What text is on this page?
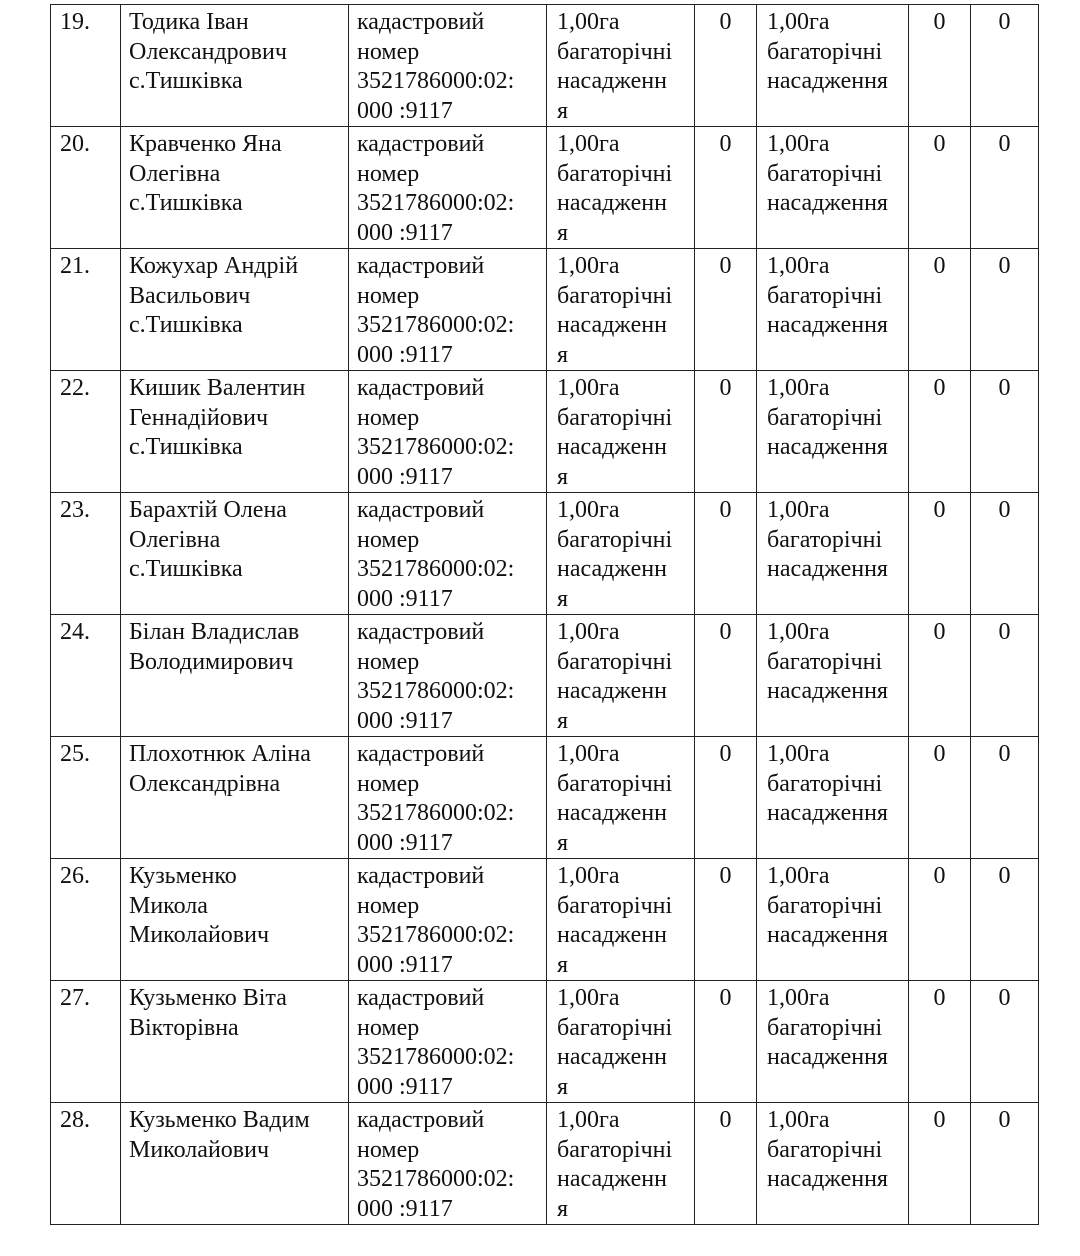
19.	Тодика Іван
Олександрович
с.Тишківка	кадастровий
номер
3521786000:02:
000 :9117	1,00га
багаторічні
насадженн
я	0	1,00га
багаторічні
насадження	0	0
20.	Кравченко Яна
Олегівна
с.Тишківка	кадастровий
номер
3521786000:02:
000 :9117	1,00га
багаторічні
насадженн
я	0	1,00га
багаторічні
насадження	0	0
21.	Кожухар Андрій
Васильович
с.Тишківка	кадастровий
номер
3521786000:02:
000 :9117	1,00га
багаторічні
насадженн
я	0	1,00га
багаторічні
насадження	0	0
22.	Кишик Валентин
Геннадійович
с.Тишківка	кадастровий
номер
3521786000:02:
000 :9117	1,00га
багаторічні
насадженн
я	0	1,00га
багаторічні
насадження	0	0
23.	Барахтій Олена
Олегівна
с.Тишківка	кадастровий
номер
3521786000:02:
000 :9117	1,00га
багаторічні
насадженн
я	0	1,00га
багаторічні
насадження	0	0
24.	Білан Владислав
Володимирович	кадастровий
номер
3521786000:02:
000 :9117	1,00га
багаторічні
насадженн
я	0	1,00га
багаторічні
насадження	0	0
25.	Плохотнюк Аліна
Олександрівна	кадастровий
номер
3521786000:02:
000 :9117	1,00га
багаторічні
насадженн
я	0	1,00га
багаторічні
насадження	0	0
26.	Кузьменко
Микола
Миколайович	кадастровий
номер
3521786000:02:
000 :9117	1,00га
багаторічні
насадженн
я	0	1,00га
багаторічні
насадження	0	0
27.	Кузьменко Віта
Вікторівна	кадастровий
номер
3521786000:02:
000 :9117	1,00га
багаторічні
насадженн
я	0	1,00га
багаторічні
насадження	0	0
28.	Кузьменко Вадим
Миколайович	кадастровий
номер
3521786000:02:
000 :9117	1,00га
багаторічні
насадженн
я	0	1,00га
багаторічні
насадження	0	0
